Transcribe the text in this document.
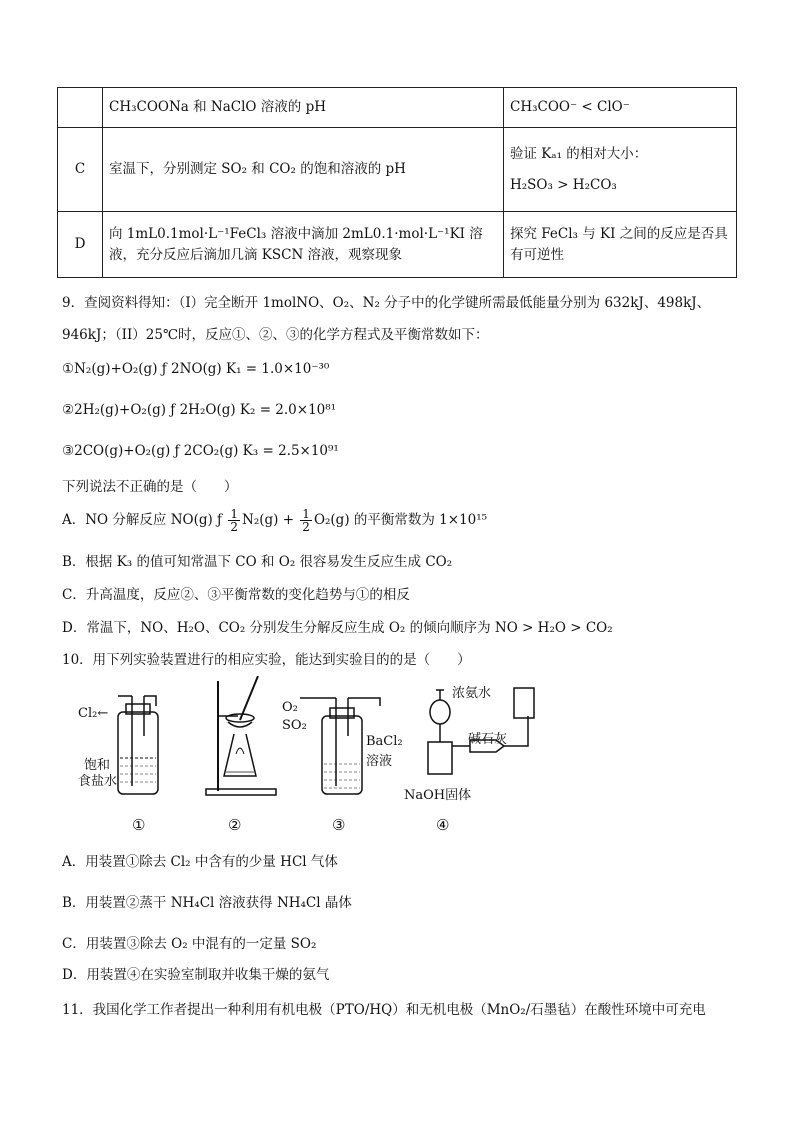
	CH₃COONa 和 NaClO 溶液的 pH	CH₃COO⁻ < ClO⁻
C	室温下，分别测定 SO₂ 和 CO₂ 的饱和溶液的 pH	验证 Kₐ₁ 的相对大小：
H₂SO₃ > H₂CO₃

D	向 1mL0.1mol·L⁻¹FeCl₃ 溶液中滴加 2mL0.1·mol·L⁻¹KI 溶液，充分反应后滴加几滴 KSCN 溶液，观察现象	探究 FeCl₃ 与 KI 之间的反应是否具有可逆性
9．查阅资料得知：（I）完全断开 1molNO、O₂、N₂ 分子中的化学键所需最低能量分别为 632kJ、498kJ、
946kJ；（II）25℃时，反应①、②、③的化学方程式及平衡常数如下：
①N₂(g)+O₂(g) ƒ 2NO(g) K₁ = 1.0×10⁻³⁰
②2H₂(g)+O₂(g) ƒ 2H₂O(g) K₂ = 2.0×10⁸¹
③2CO(g)+O₂(g) ƒ 2CO₂(g) K₃ = 2.5×10⁹¹
下列说法不正确的是（　　）
A．NO 分解反应 NO(g) ƒ $\frac{1}{2} N_2(g) + \frac{1}{2} O_2(g)$ 的平衡常数为 1×10¹⁵
B．根据 K₃ 的值可知常温下 CO 和 O₂ 很容易发生反应生成 CO₂
C．升高温度，反应②、③平衡常数的变化趋势与①的相反
D．常温下，NO、H₂O、CO₂ 分别发生分解反应生成 O₂ 的倾向顺序为 NO > H₂O > CO₂
10．用下列实验装置进行的相应实验，能达到实验目的的是（　　）
Cl₂←
饱和
食盐水
①	②
O₂
SO₂
BaCl₂
溶液
③
浓氨水
碱石灰
NaOH固体
④
A．用装置①除去 Cl₂ 中含有的少量 HCl 气体
B．用装置②蒸干 NH₄Cl 溶液获得 NH₄Cl 晶体
C．用装置③除去 O₂ 中混有的一定量 SO₂
D．用装置④在实验室制取并收集干燥的氨气
11．我国化学工作者提出一种利用有机电极（PTO/HQ）和无机电极（MnO₂/石墨毡）在酸性环境中可充电
